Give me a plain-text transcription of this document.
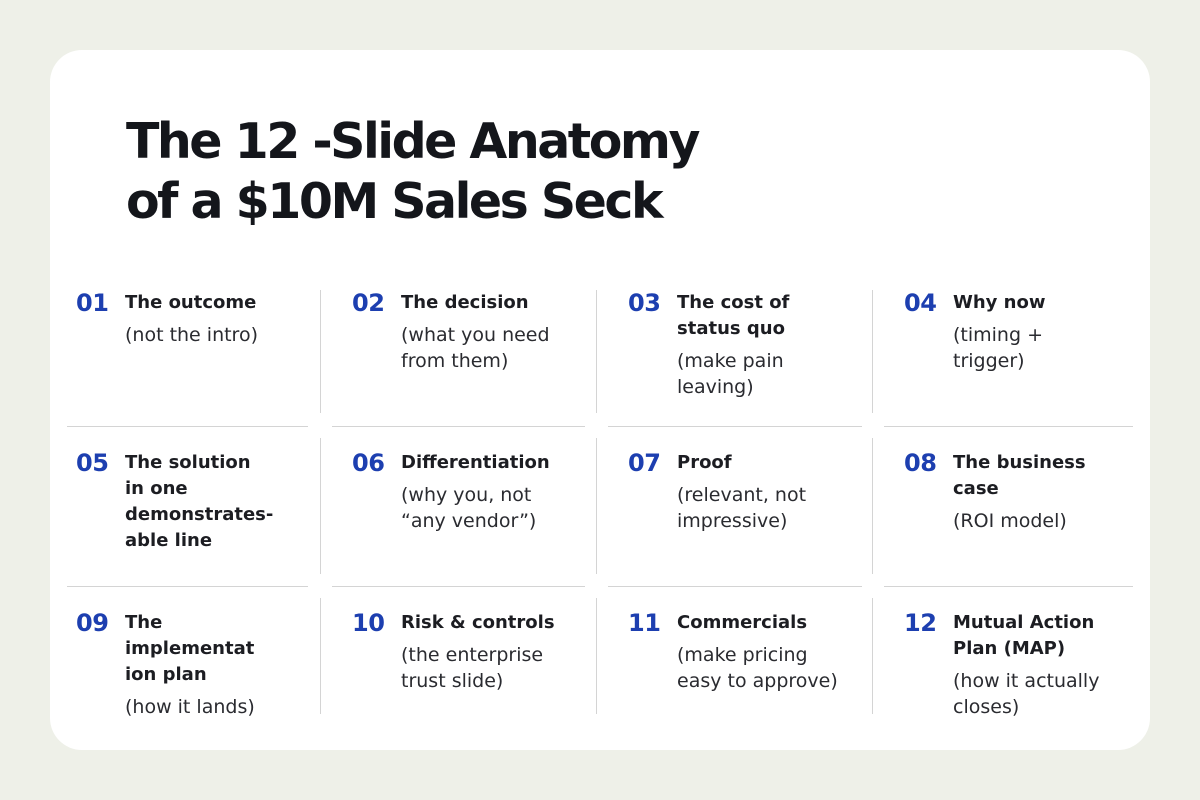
The 12 -Slide Anatomy
of a $10M Sales Seck
01 The outcome
(not the intro)
02 The decision
(what you need
from them)
03 The cost of
status quo
(make pain
leaving)
04 Why now
(timing +
trigger)
05 The solution
in one
demonstrates-
able line
06 Differentiation
(why you, not
“any vendor”)
07 Proof
(relevant, not
impressive)
08 The business
case
(ROI model)
09 The
implementat
ion plan
(how it lands)
10 Risk & controls
(the enterprise
trust slide)
11 Commercials
(make pricing
easy to approve)
12 Mutual Action
Plan (MAP)
(how it actually
closes)
